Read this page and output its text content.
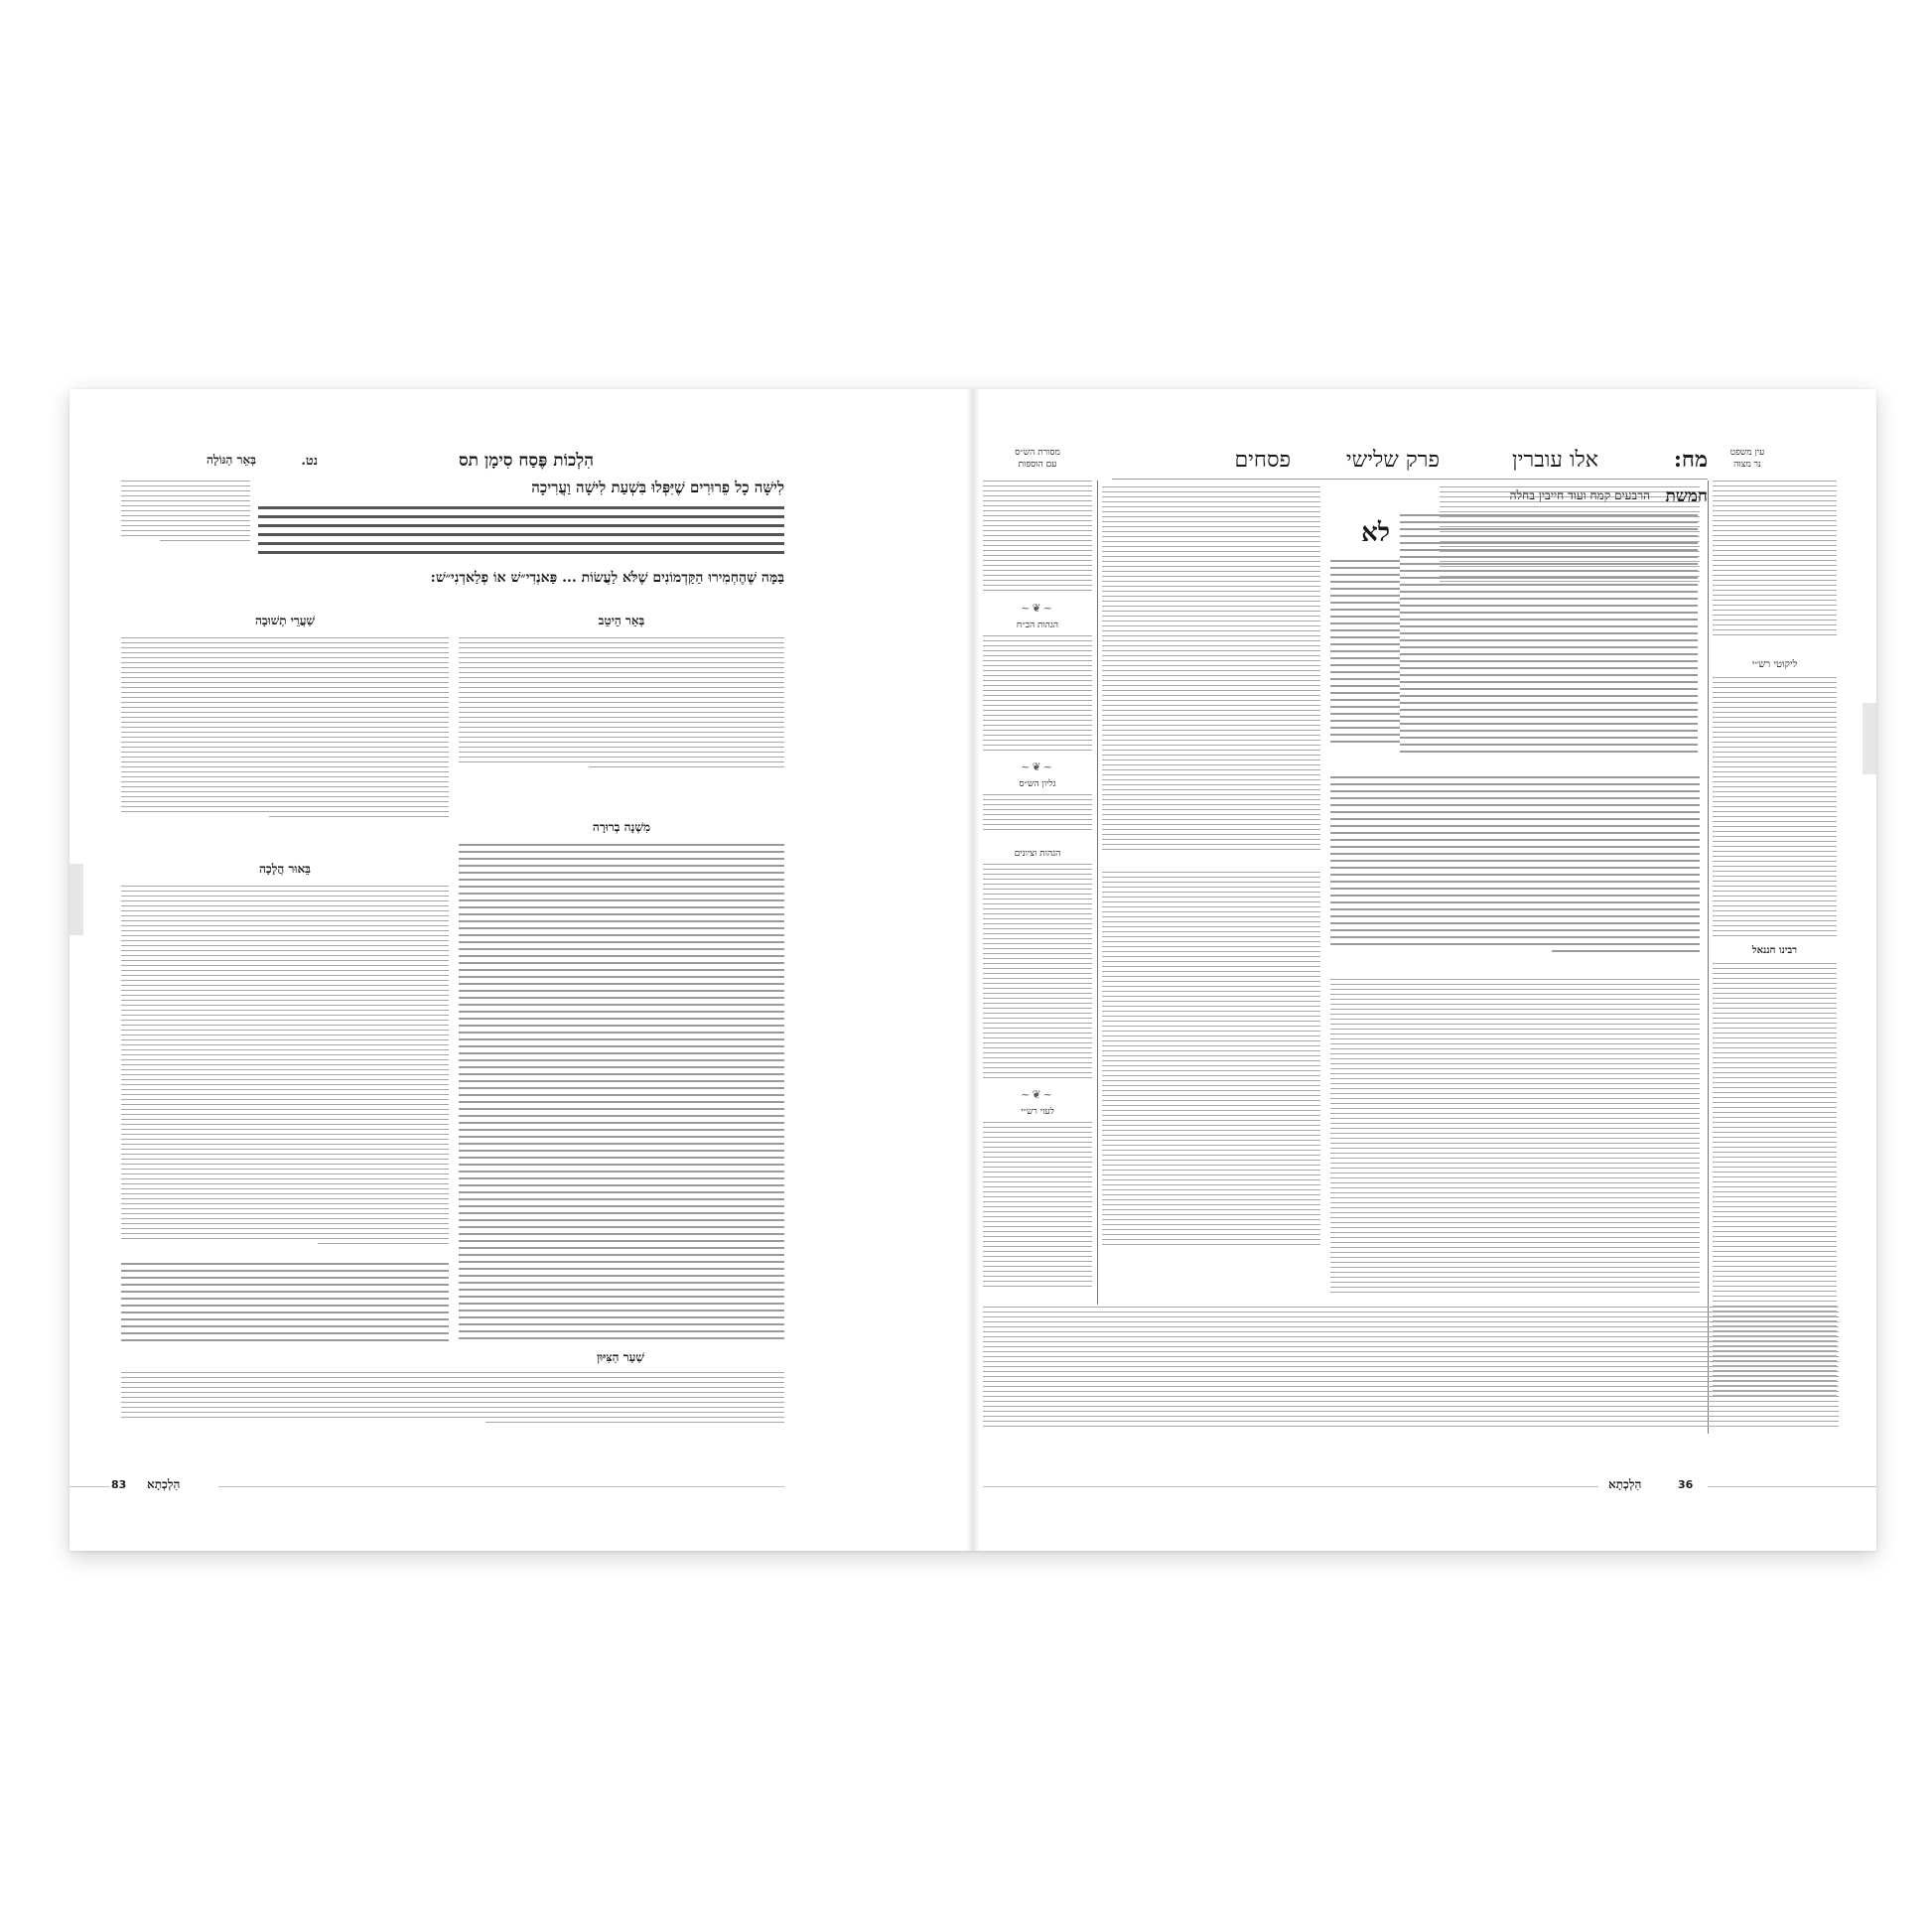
הִלְכוֹת פֶּסַח סִימָן תס
נט.
בְּאֵר הַגּוֹלָה
לִישָּׁה כָל פֵרוּרִים שֶׁיִּפְּלוּ בִּשְׁעַת לִישָׁה וַעֲרִיכָה
בַּמָּה שֶׁהֶחְמִירוּ הַקַּדְמוֹנִים שֶׁלֹּא לַעֲשׂוֹת ... פַּאנְדִי״שׁ אוֹ פְלַאדְנִי״שׁ:
שַׁעֲרֵי תְשׁוּבָה	בְּאֵר הֵיטֵב
מִשְׁנָה בְרוּרָה
בֵּאוּר הֲלָכָה
שַׁעַר הַצִּיּוּן
83 הִלְכְתָא
מח:
אלו עוברין
פרק שלישי
פסחים	עין משפט
נר מצוה
מסורת הש״ס
עם הוספות
ליקוטי רש״י
רבינו חננאל
חמשת
הרבעים קמח ועוד חייבין בחלה
לא
~❦~
הגהות הב״ח
~❦~
גליון הש״ס
הגהות וציונים
~❦~
לעזי רש״י
הִלְכְתָא	36
